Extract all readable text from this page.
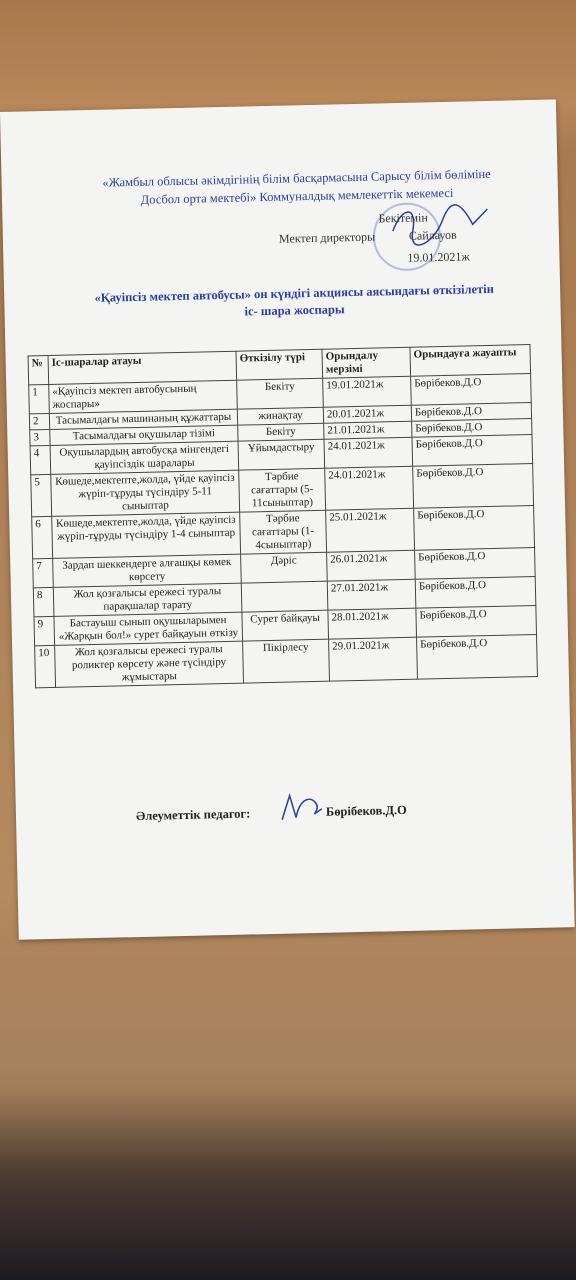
«Жамбыл облысы әкімдігінің білім басқармасына Сарысу білім бөліміне
Досбол орта мектебі» Коммуналдық мемлекеттік мекемесі
Бекітемін
Мектеп директоры	Сайлауов
19.01.2021ж
«Қауіпсіз мектеп автобусы» он күндігі акциясы аясындағы өткізілетін
іс- шара жоспары
№	Іс-шаралар атауы	Өткізілу түрі	Орындалу мерзімі	Орындауға жауапты
1	«Қауіпсіз мектеп автобусының жоспары»	Бекіту	19.01.2021ж	Бөрібеков.Д.О
2	Тасымалдағы машинаның құжаттары	жинақтау	20.01.2021ж	Бөрібеков.Д.О
3	Тасымалдағы оқушылар тізімі	Бекіту	21.01.2021ж	Бөрібеков.Д.О
4	Оқушылардың автобусқа мінгендегі қауіпсіздік шаралары	Ұйымдастыру	24.01.2021ж	Бөрібеков.Д.О
5	Көшеде,мектепте,жолда, үйде қауіпсіз жүріп-тұруды түсіндіру 5-11 сыныптар	Тәрбие сағаттары (5-11сыныптар)	24.01.2021ж	Бөрібеков.Д.О
6	Көшеде,мектепте,жолда, үйде қауіпсіз жүріп-тұруды түсіндіру 1-4 сыныптар	Тәрбие сағаттары (1-4сыныптар)	25.01.2021ж	Бөрібеков.Д.О
7	Зардап шеккендерге алғашқы көмек көрсету	Дәріс	26.01.2021ж	Бөрібеков.Д.О
8	Жол қозғалысы ережесі туралы парақшалар тарату		27.01.2021ж	Бөрібеков.Д.О
9	Бастауыш сынып оқушыларымен «Жарқын бол!» сурет байқауын өткізу	Сурет байқауы	28.01.2021ж	Бөрібеков.Д.О
10	Жол қозғалысы ережесі туралы роликтер көрсету және түсіндіру жұмыстары	Пікірлесу	29.01.2021ж	Бөрібеков.Д.О
Әлеуметтік педагог:	Бөрібеков.Д.О
